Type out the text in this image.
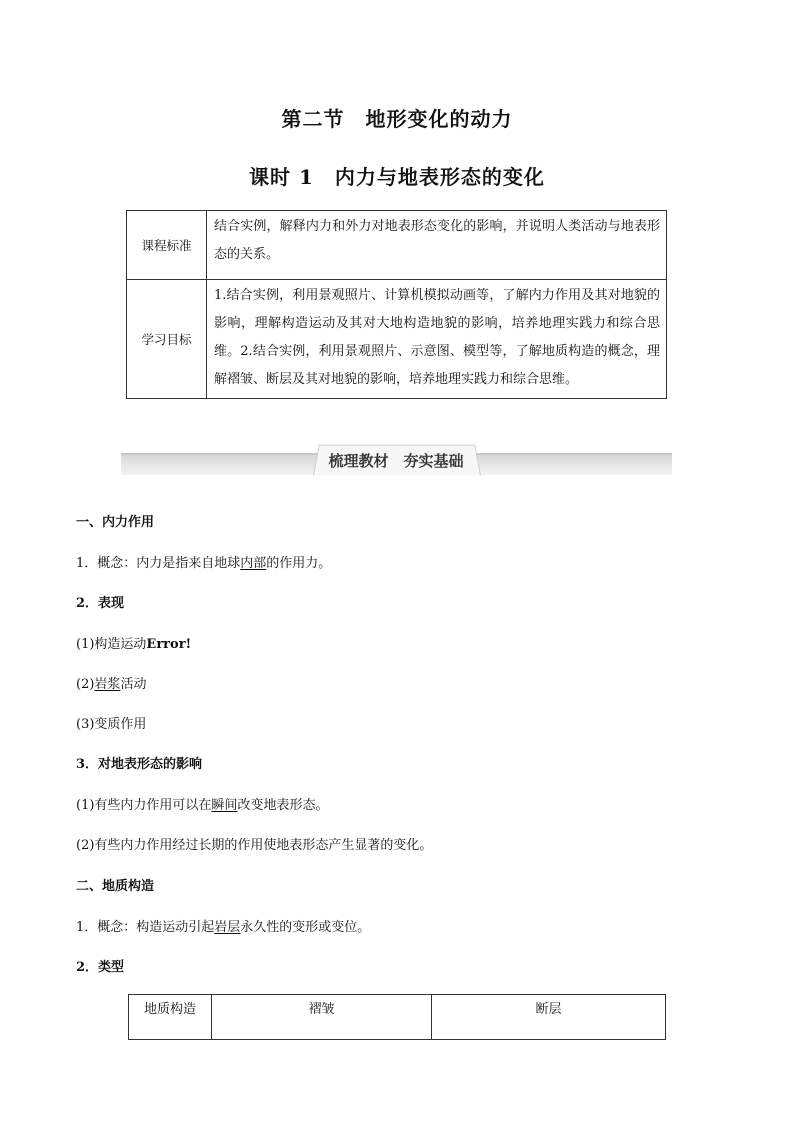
第二节　地形变化的动力
课时 1　内力与地表形态的变化
课程标准	结合实例，解释内力和外力对地表形态变化的影响，并说明人类活动与地表形态的关系。
学习目标	1.结合实例，利用景观照片、计算机模拟动画等，了解内力作用及其对地貌的影响，理解构造运动及其对大地构造地貌的影响，培养地理实践力和综合思维。2.结合实例，利用景观照片、示意图、模型等，了解地质构造的概念，理解褶皱、断层及其对地貌的影响，培养地理实践力和综合思维。
梳理教材　夯实基础
一、内力作用
1．概念：内力是指来自地球内部的作用力。
2．表现
(1)构造运动Error!
(2)岩浆活动
(3)变质作用
3．对地表形态的影响
(1)有些内力作用可以在瞬间改变地表形态。
(2)有些内力作用经过长期的作用使地表形态产生显著的变化。
二、地质构造
1．概念：构造运动引起岩层永久性的变形或变位。
2．类型
地质构造	褶皱	断层
